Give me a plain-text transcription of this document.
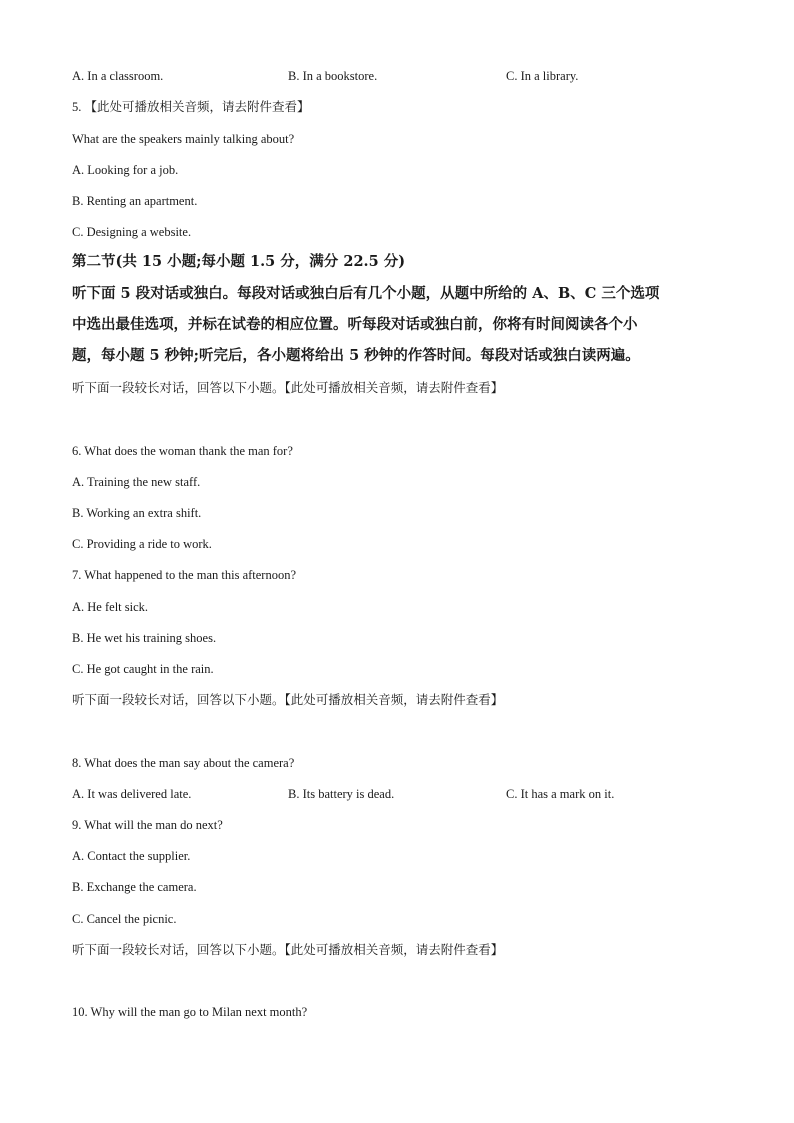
A. In a classroom.	B. In a bookstore.	C. In a library.
5. 【此处可播放相关音频，请去附件查看】
What are the speakers mainly talking about?
A. Looking for a job.
B. Renting an apartment.
C. Designing a website.
第二节(共 15 小题;每小题 1.5 分，满分 22.5 分)
听下面 5 段对话或独白。每段对话或独白后有几个小题，从题中所给的 A、B、C 三个选项
中选出最佳选项，并标在试卷的相应位置。听每段对话或独白前，你将有时间阅读各个小
题，每小题 5 秒钟;听完后，各小题将给出 5 秒钟的作答时间。每段对话或独白读两遍。
听下面一段较长对话，回答以下小题。【此处可播放相关音频，请去附件查看】
6. What does the woman thank the man for?
A. Training the new staff.
B. Working an extra shift.
C. Providing a ride to work.
7. What happened to the man this afternoon?
A. He felt sick.
B. He wet his training shoes.
C. He got caught in the rain.
听下面一段较长对话，回答以下小题。【此处可播放相关音频，请去附件查看】
8. What does the man say about the camera?
A. It was delivered late.	B. Its battery is dead.	C. It has a mark on it.
9. What will the man do next?
A. Contact the supplier.
B. Exchange the camera.
C. Cancel the picnic.
听下面一段较长对话，回答以下小题。【此处可播放相关音频，请去附件查看】
10. Why will the man go to Milan next month?
